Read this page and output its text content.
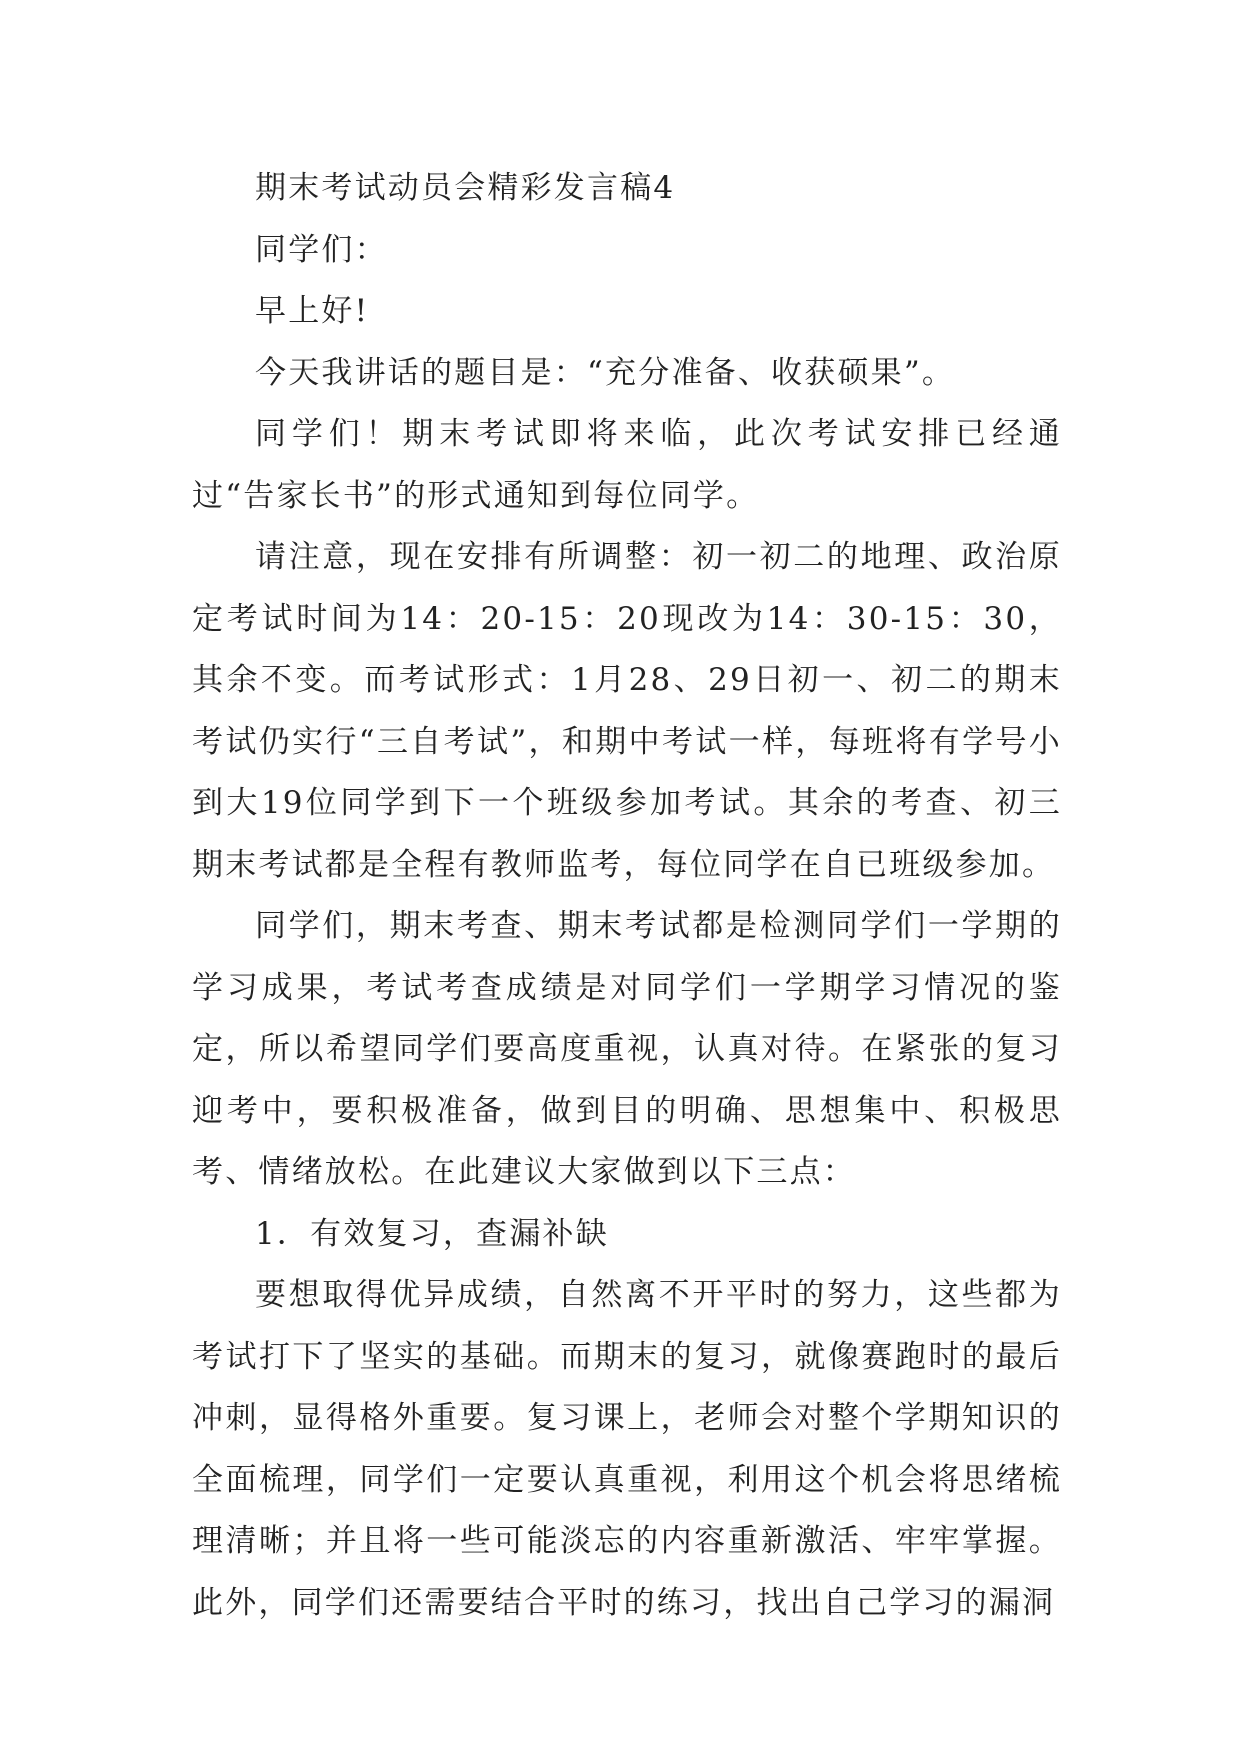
期末考试动员会精彩发言稿4

同学们：

早上好!

今天我讲话的题目是：“充分准备、收获硕果”。

同学们！期末考试即将来临，此次考试安排已经通过“告家长书”的形式通知到每位同学。

请注意，现在安排有所调整：初一初二的地理、政治原定考试时间为14：20-15：20现改为14：30-15：30，其余不变。而考试形式：1月28、29日初一、初二的期末考试仍实行“三自考试”，和期中考试一样，每班将有学号小到大19位同学到下一个班级参加考试。其余的考查、初三期末考试都是全程有教师监考，每位同学在自已班级参加。

同学们，期末考查、期末考试都是检测同学们一学期的学习成果，考试考查成绩是对同学们一学期学习情况的鉴定，所以希望同学们要高度重视，认真对待。在紧张的复习迎考中，要积极准备，做到目的明确、思想集中、积极思考、情绪放松。在此建议大家做到以下三点：

1．有效复习，查漏补缺

要想取得优异成绩，自然离不开平时的努力，这些都为考试打下了坚实的基础。而期末的复习，就像赛跑时的最后冲刺，显得格外重要。复习课上，老师会对整个学期知识的全面梳理，同学们一定要认真重视，利用这个机会将思绪梳理清晰；并且将一些可能淡忘的内容重新激活、牢牢掌握。此外，同学们还需要结合平时的练习，找出自己学习的漏洞
